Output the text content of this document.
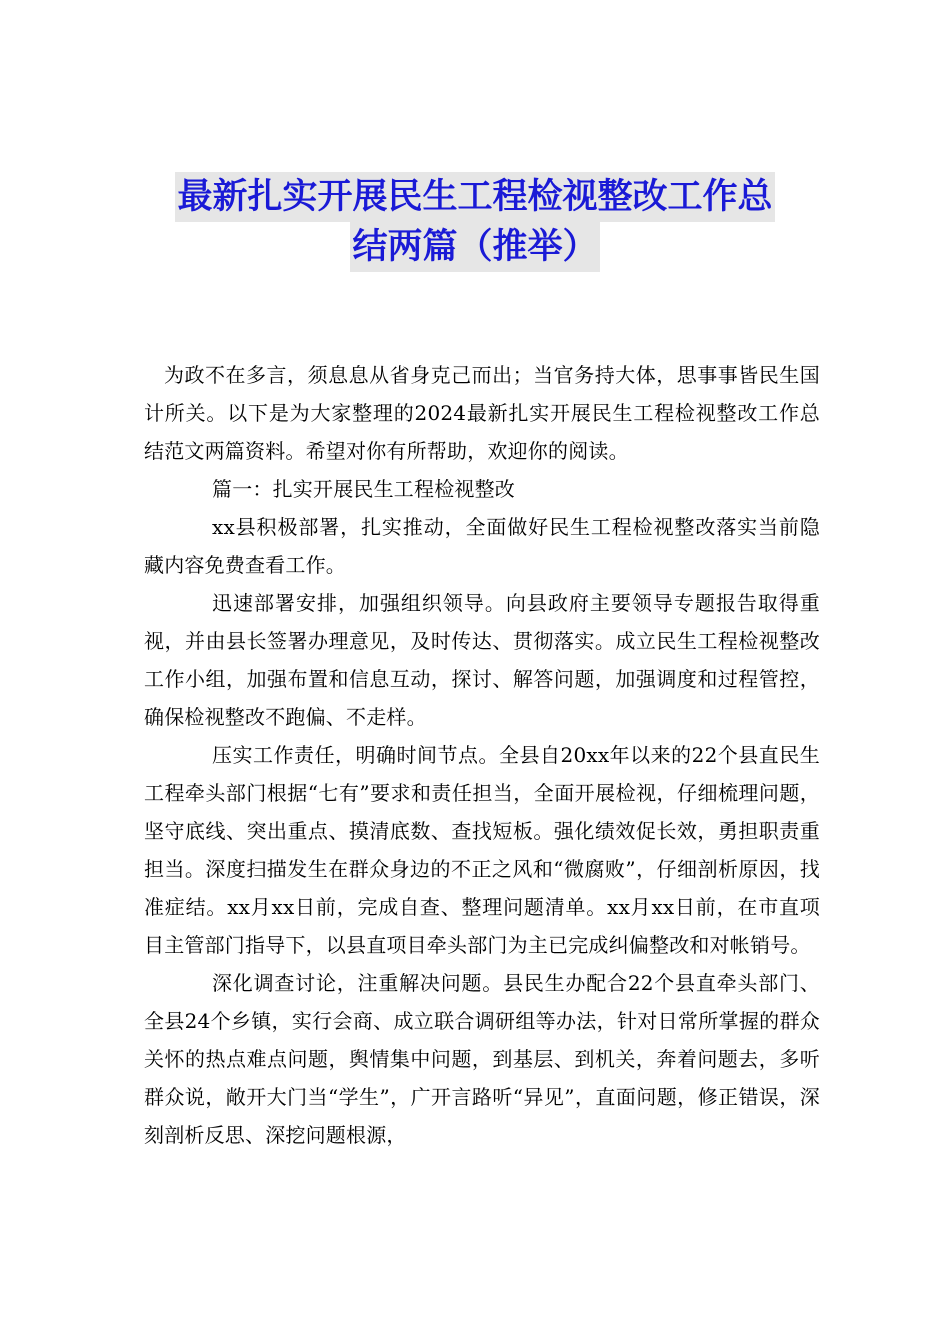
最新扎实开展民生工程检视整改工作总
结两篇（推举）

为政不在多言，须息息从省身克己而出；当官务持大体，思事事皆民生国计所关。以下是为大家整理的2024最新扎实开展民生工程检视整改工作总结范文两篇资料。希望对你有所帮助，欢迎你的阅读。

篇一：扎实开展民生工程检视整改

xx县积极部署，扎实推动，全面做好民生工程检视整改落实当前隐藏内容免费查看工作。

迅速部署安排，加强组织领导。向县政府主要领导专题报告取得重视，并由县长签署办理意见，及时传达、贯彻落实。成立民生工程检视整改工作小组，加强布置和信息互动，探讨、解答问题，加强调度和过程管控，确保检视整改不跑偏、不走样。

压实工作责任，明确时间节点。全县自20xx年以来的22个县直民生工程牵头部门根据“七有”要求和责任担当，全面开展检视，仔细梳理问题，坚守底线、突出重点、摸清底数、查找短板。强化绩效促长效，勇担职责重担当。深度扫描发生在群众身边的不正之风和“微腐败”，仔细剖析原因，找准症结。xx月xx日前，完成自查、整理问题清单。xx月xx日前，在市直项目主管部门指导下，以县直项目牵头部门为主已完成纠偏整改和对帐销号。

深化调查讨论，注重解决问题。县民生办配合22个县直牵头部门、全县24个乡镇，实行会商、成立联合调研组等办法，针对日常所掌握的群众关怀的热点难点问题，舆情集中问题，到基层、到机关，奔着问题去，多听群众说，敞开大门当“学生”，广开言路听“异见”，直面问题，修正错误，深刻剖析反思、深挖问题根源，
